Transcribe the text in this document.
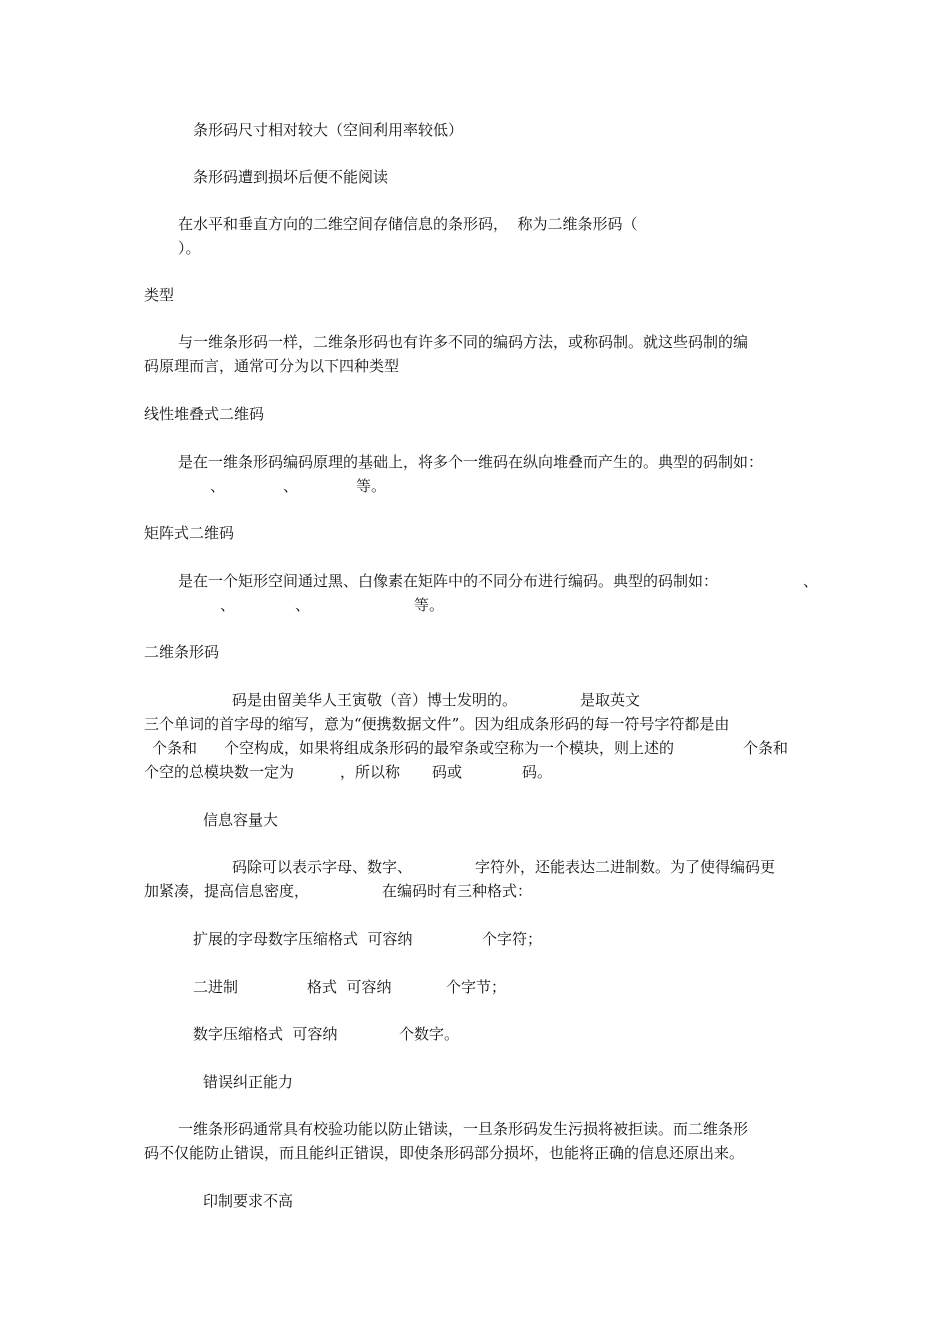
条形码尺寸相对较大（空间利用率较低）

条形码遭到损坏后便不能阅读

在水平和垂直方向的二维空间存储信息的条形码，  称为二维条形码（

）。

类型

与一维条形码一样，二维条形码也有许多不同的编码方法，或称码制。就这些码制的编

码原理而言，通常可分为以下四种类型

线性堆叠式二维码

是在一维条形码编码原理的基础上，将多个一维码在纵向堆叠而产生的。典型的码制如：

、	、	等。

矩阵式二维码

是在一个矩形空间通过黑、白像素在矩阵中的不同分布进行编码。典型的码制如：	、

、	、	等。

二维条形码

码是由留美华人王寅敬（音）博士发明的。	是取英文

三个单词的首字母的缩写，意为“便携数据文件”。因为组成条形码的每一符号字符都是由

个条和 个空构成，如果将组成条形码的最窄条或空称为一个模块，则上述的	个条和

个空的总模块数一定为	，所以称 码或	码。

信息容量大

码除可以表示字母、数字、	字符外，还能表达二进制数。为了使得编码更

加紧凑，提高信息密度，	在编码时有三种格式：

扩展的字母数字压缩格式  可容纳	个字符；

二进制	格式  可容纳	个字节；

数字压缩格式  可容纳	个数字。

错误纠正能力

一维条形码通常具有校验功能以防止错读，一旦条形码发生污损将被拒读。而二维条形

码不仅能防止错误，而且能纠正错误，即使条形码部分损坏，也能将正确的信息还原出来。

印制要求不高
